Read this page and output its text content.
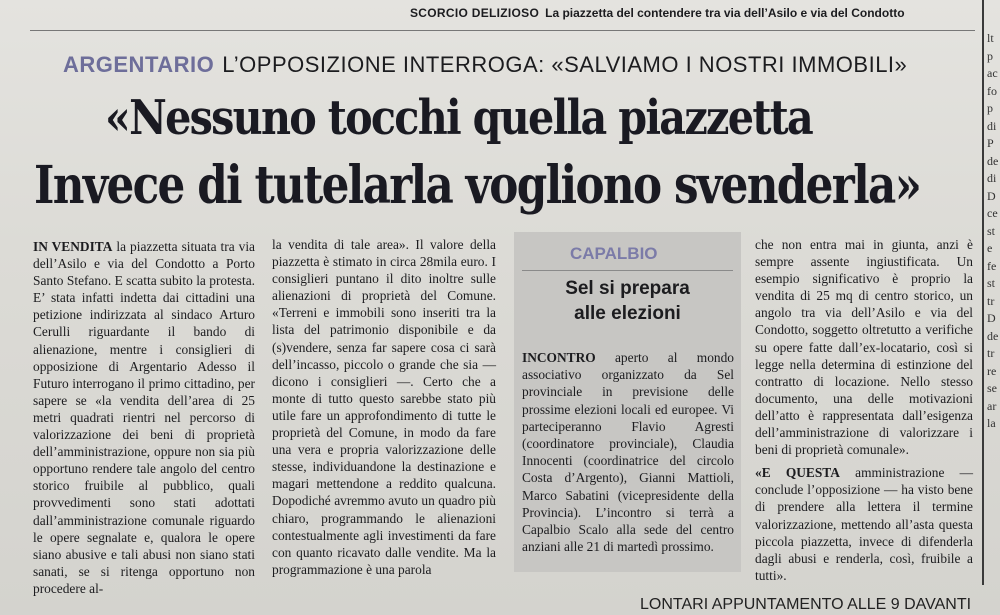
SCORCIO DELIZIOSO La piazzetta del contendere tra via dell’Asilo e via del Condotto
ARGENTARIO L’OPPOSIZIONE INTERROGA: «SALVIAMO I NOSTRI IMMOBILI»
«Nessuno tocchi quella piazzetta
Invece di tutelarla vogliono svenderla»
IN VENDITA la piazzetta situata tra via dell’Asilo e via del Condotto a Porto Santo Stefano. E scatta subito la protesta. E’ stata infatti indetta dai cittadini una petizione indirizzata al sindaco Arturo Cerulli riguardante il bando di alienazione, mentre i consiglieri di opposizione di Argentario Adesso il Futuro interrogano il primo cittadino, per sapere se «la vendita dell’area di 25 metri quadrati rientri nel percorso di valorizzazione dei beni di proprietà dell’amministrazione, oppure non sia più opportuno rendere tale angolo del centro storico fruibile al pubblico, quali provvedimenti sono stati adottati dall’amministrazione comunale riguardo le opere segnalate e, qualora le opere siano abusive e tali abusi non siano stati sanati, se si ritenga opportuno non procedere al-
la vendita di tale area». Il valore della piazzetta è stimato in circa 28mila euro. I consiglieri puntano il dito inoltre sulle alienazioni di proprietà del Comune. «Terreni e immobili sono inseriti tra la lista del patrimonio disponibile e da (s)vendere, senza far sapere cosa ci sarà dell’incasso, piccolo o grande che sia — dicono i consiglieri —. Certo che a monte di tutto questo sarebbe stato più utile fare un approfondimento di tutte le proprietà del Comune, in modo da fare una vera e propria valorizzazione delle stesse, individuandone la destinazione e magari mettendone a reddito qualcuna. Dopodiché avremmo avuto un quadro più chiaro, programmando le alienazioni contestualmente agli investimenti da fare con quanto ricavato dalle vendite. Ma la programmazione è una parola
CAPALBIO
Sel si prepara
alle elezioni
INCONTRO aperto al mondo associativo organizzato da Sel provinciale in previsione delle prossime elezioni locali ed europee. Vi parteciperanno Flavio Agresti (coordinatore provinciale), Claudia Innocenti (coordinatrice del circolo Costa d’Argento), Gianni Mattioli, Marco Sabatini (vicepresidente della Provincia). L’incontro si terrà a Capalbio Scalo alla sede del centro anziani alle 21 di martedì prossimo.
che non entra mai in giunta, anzi è sempre assente ingiustificata. Un esempio significativo è proprio la vendita di 25 mq di centro storico, un angolo tra via dell’Asilo e via del Condotto, soggetto oltretutto a verifiche su opere fatte dall’ex-locatario, così si legge nella determina di estinzione del contratto di locazione. Nello stesso documento, una delle motivazioni dell’atto è rappresentata dall’esigenza dell’amministrazione di valorizzare i beni di proprietà comunale».
«E QUESTA amministrazione — conclude l’opposizione — ha visto bene di prendere alla lettera il termine valorizzazione, mettendo all’asta questa piccola piazzetta, invece di difenderla dagli abusi e renderla, così, fruibile a tutti».
lt p ac fo p di P de di D ce st e fe st tr D de tr re se ar la
LONTARI APPUNTAMENTO ALLE 9 DAVANTI
